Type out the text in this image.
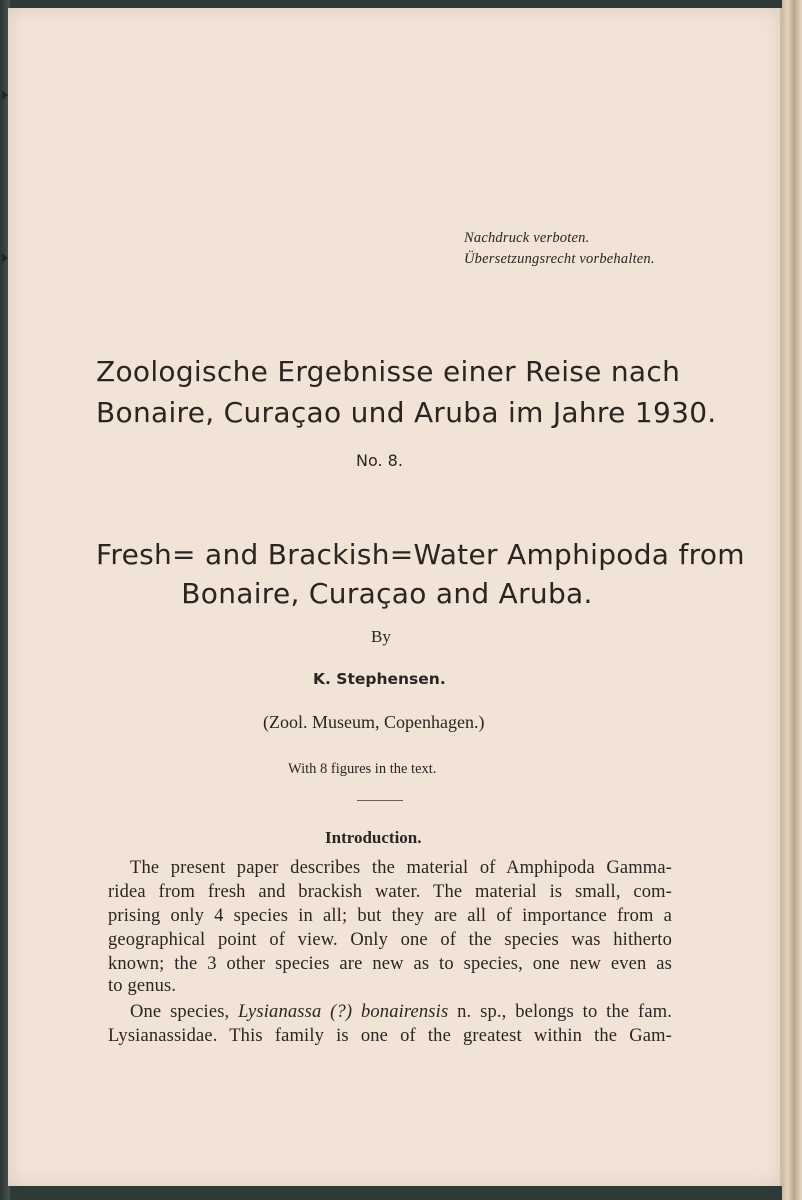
Nachdruck verboten.
Übersetzungsrecht vorbehalten.
Zoologische Ergebnisse einer Reise nach
Bonaire, Curaçao und Aruba im Jahre 1930.
No. 8.
Fresh= and Brackish=Water Amphipoda from
Bonaire, Curaçao and Aruba.
By
K. Stephensen.
(Zool. Museum, Copenhagen.)
With 8 figures in the text.
Introduction.
The present paper describes the material of Amphipoda Gamma-
ridea from fresh and brackish water. The material is small, com-
prising only 4 species in all; but they are all of importance from a
geographical point of view. Only one of the species was hitherto
known; the 3 other species are new as to species, one new even as
to genus.
One species, Lysianassa (?) bonairensis n. sp., belongs to the fam.
Lysianassidae. This family is one of the greatest within the Gam-
